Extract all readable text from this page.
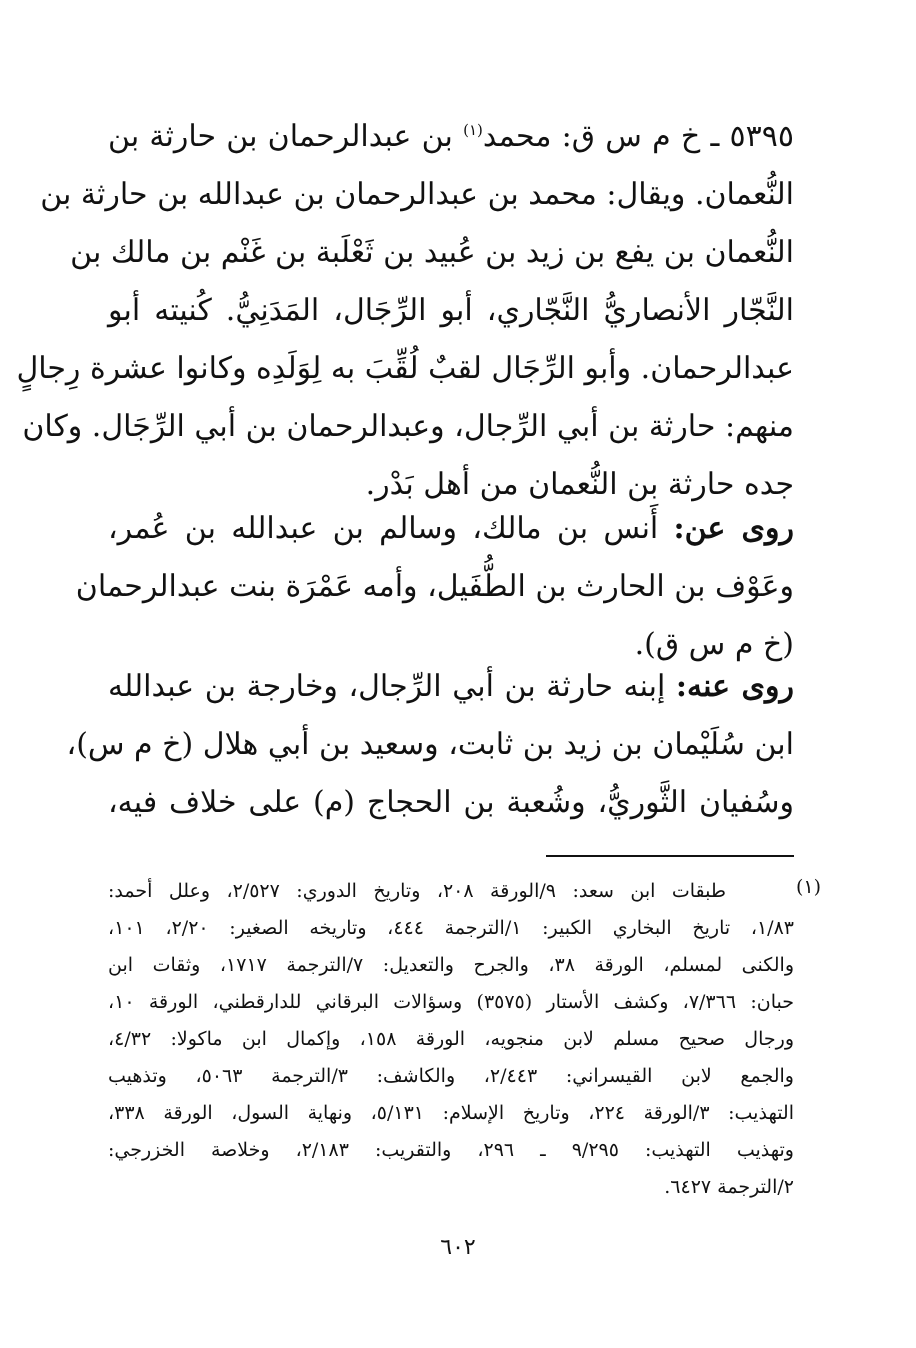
٥٣٩٥ ـ خ م س ق: محمد$^{(١)}$ بن عبدالرحمان بن حارثة بن
النُّعمان. ويقال: محمد بن عبدالرحمان بن عبدالله بن حارثة بن
النُّعمان بن يفع بن زيد بن عُبيد بن ثَعْلَبة بن غَنْم بن مالك بن
النَّجّار الأنصاريُّ النَّجّاري، أبو الرِّجَال، المَدَنِيُّ. كُنيته أبو
عبدالرحمان. وأبو الرِّجَال لقبٌ لُقِّبَ به لِوَلَدِه وكانوا عشرة رِجالٍ
منهم: حارثة بن أبي الرِّجال، وعبدالرحمان بن أبي الرِّجَال. وكان
جده حارثة بن النُّعمان من أهل بَدْر.
روى عن: أَنس بن مالك، وسالم بن عبدالله بن عُمر،
وعَوْف بن الحارث بن الطُّفَيل، وأمه عَمْرَة بنت عبدالرحمان
(خ م س ق).
روى عنه: إبنه حارثة بن أبي الرِّجال، وخارجة بن عبدالله
ابن سُلَيْمان بن زيد بن ثابت، وسعيد بن أبي هلال (خ م س)،
وسُفيان الثَّوريُّ، وشُعبة بن الحجاج (م) على خلاف فيه،
(١)
طبقات ابن سعد: ٩/الورقة ٢٠٨، وتاريخ الدوري: ٢/٥٢٧، وعلل أحمد:
١/٨٣، تاريخ البخاري الكبير: ١/الترجمة ٤٤٤، وتاريخه الصغير: ٢/٢٠، ١٠١،
والكنى لمسلم، الورقة ٣٨، والجرح والتعديل: ٧/الترجمة ١٧١٧، وثقات ابن
حبان: ٧/٣٦٦، وكشف الأستار (٣٥٧٥) وسؤالات البرقاني للدارقطني، الورقة ١٠،
ورجال صحيح مسلم لابن منجويه، الورقة ١٥٨، وإكمال ابن ماكولا: ٤/٣٢،
والجمع لابن القيسراني: ٢/٤٤٣، والكاشف: ٣/الترجمة ٥٠٦٣، وتذهيب
التهذيب: ٣/الورقة ٢٢٤، وتاريخ الإسلام: ٥/١٣١، ونهاية السول، الورقة ٣٣٨،
وتهذيب التهذيب: ٩/٢٩٥ ـ ٢٩٦، والتقريب: ٢/١٨٣، وخلاصة الخزرجي:
٢/الترجمة ٦٤٢٧.
٦٠٢
